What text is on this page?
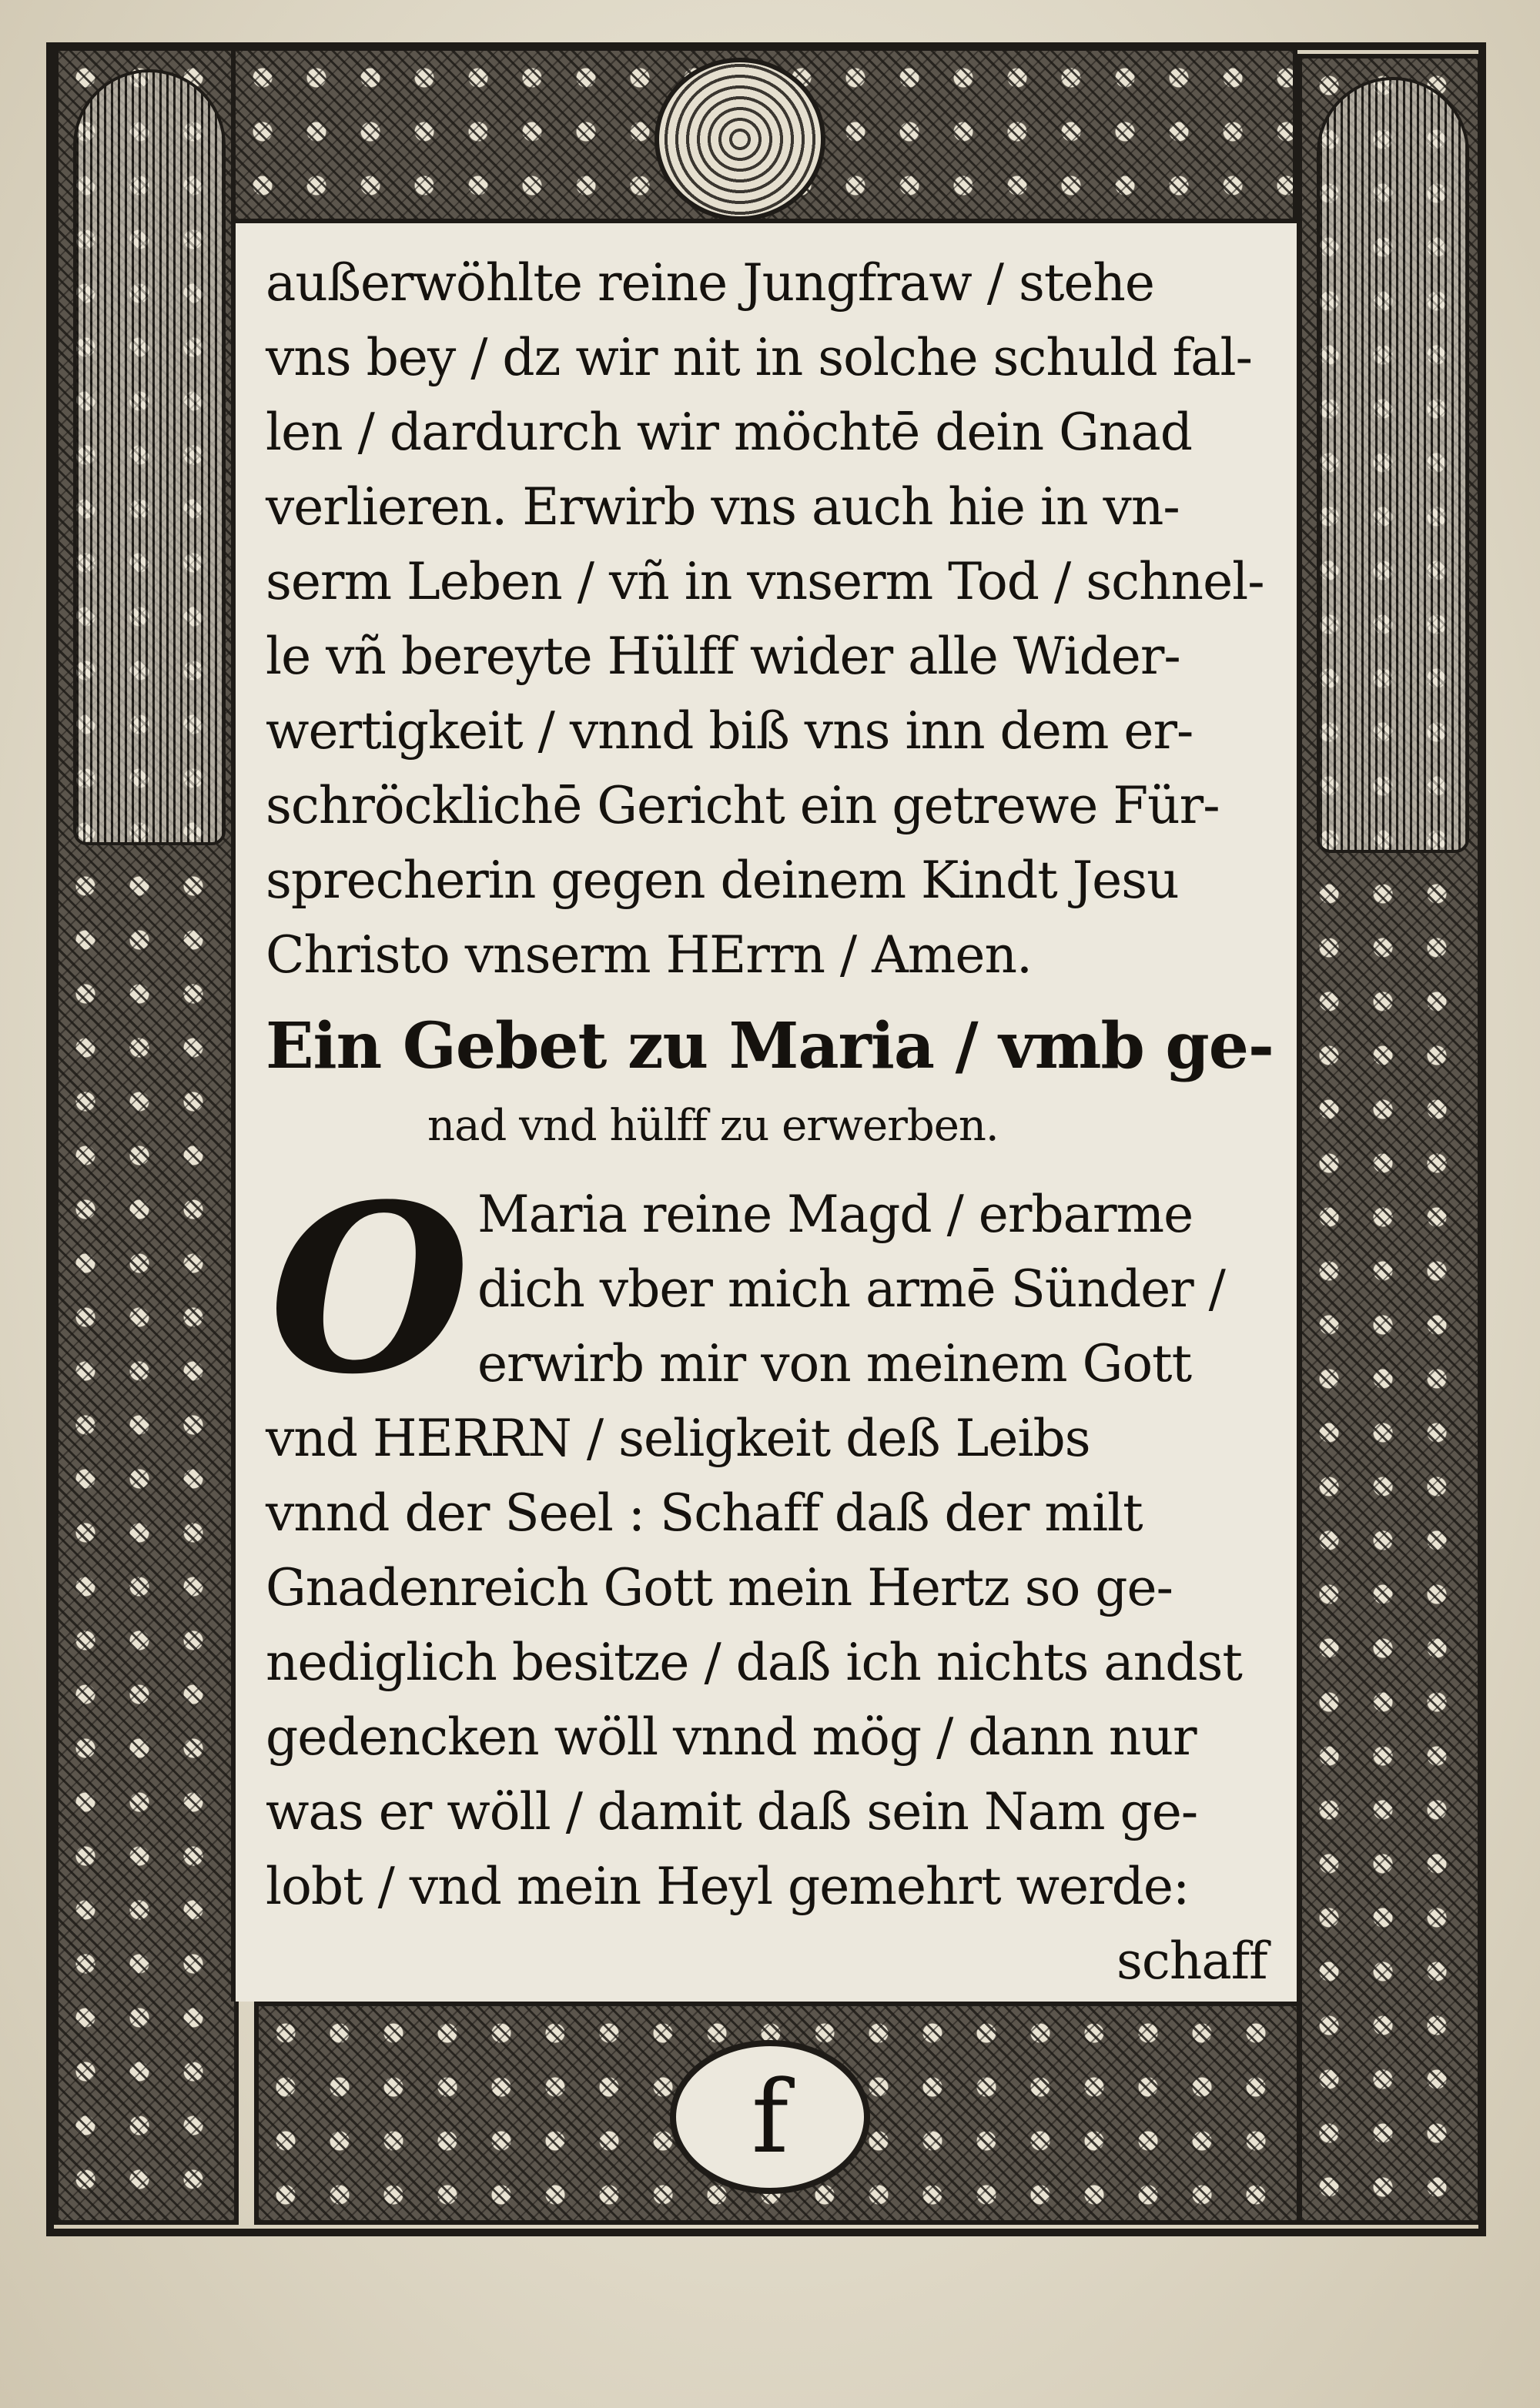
außerwöhlte reine Jungfraw / stehe
vns bey / dz wir nit in solche schuld fal-
len / dardurch wir möchtē dein Gnad
verlieren. Erwirb vns auch hie in vn-
serm Leben / vñ in vnserm Tod / schnel-
le vñ bereyte Hülff wider alle Wider-
wertigkeit / vnnd biß vns inn dem er-
schröcklichē Gericht ein getrewe Für-
sprecherin gegen deinem Kindt Jesu
Christo vnserm HErrn / Amen.
Ein Gebet zu Maria / vmb ge-
nad vnd hülff zu erwerben.
O Maria reine Magd / erbarme
dich vber mich armē Sünder /
erwirb mir von meinem Gott
vnd HERRN / seligkeit deß Leibs
vnnd der Seel : Schaff daß der milt
Gnadenreich Gott mein Hertz so ge-
nediglich besitze / daß ich nichts andst
gedencken wöll vnnd mög / dann nur
was er wöll / damit daß sein Nam ge-
lobt / vnd mein Heyl gemehrt werde:
schaff
f
